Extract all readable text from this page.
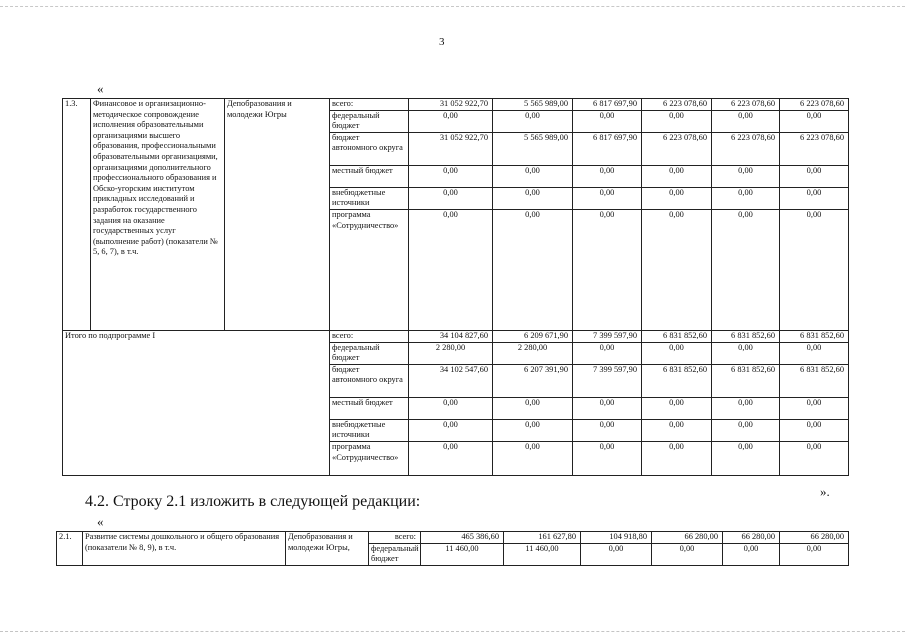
3
«
1.3.	Финансовое и организационно-методическое сопровождение исполнения образовательными организациями высшего образования, профессиональными образовательными организациями, организациями дополнительного профессионального образования и Обско-угорским институтом прикладных исследований и разработок государственного задания на оказание государственных услуг (выполнение работ) (показатели № 5, 6, 7), в т.ч.	Депобразования и молодежи Югры	всего:	31 052 922,70	5 565 989,00	6 817 697,90	6 223 078,60	6 223 078,60	6 223 078,60
			федеральный бюджет	0,00	0,00	0,00	0,00	0,00	0,00
			бюджет автономного округа	31 052 922,70	5 565 989,00	6 817 697,90	6 223 078,60	6 223 078,60	6 223 078,60
			местный бюджет	0,00	0,00	0,00	0,00	0,00	0,00
			внебюджетные источники	0,00	0,00	0,00	0,00	0,00	0,00
			программа «Сотрудничество»	0,00	0,00	0,00	0,00	0,00	0,00
Итого по подпрограмме I			всего:	34 104 827,60	6 209 671,90	7 399 597,90	6 831 852,60	6 831 852,60	6 831 852,60
			федеральный бюджет	2 280,00	2 280,00	0,00	0,00	0,00	0,00
			бюджет автономного округа	34 102 547,60	6 207 391,90	7 399 597,90	6 831 852,60	6 831 852,60	6 831 852,60
			местный бюджет	0,00	0,00	0,00	0,00	0,00	0,00
			внебюджетные источники	0,00	0,00	0,00	0,00	0,00	0,00
			программа «Сотрудничество»	0,00	0,00	0,00	0,00	0,00	0,00
».
4.2. Строку 2.1 изложить в следующей редакции:
«
2.1.	Развитие системы дошкольного и общего образования (показатели № 8, 9), в т.ч.	Депобразования и молодежи Югры,	всего:	465 386,60	161 627,80	104 918,80	66 280,00	66 280,00	66 280,00
			федеральный бюджет	11 460,00	11 460,00	0,00	0,00	0,00	0,00
